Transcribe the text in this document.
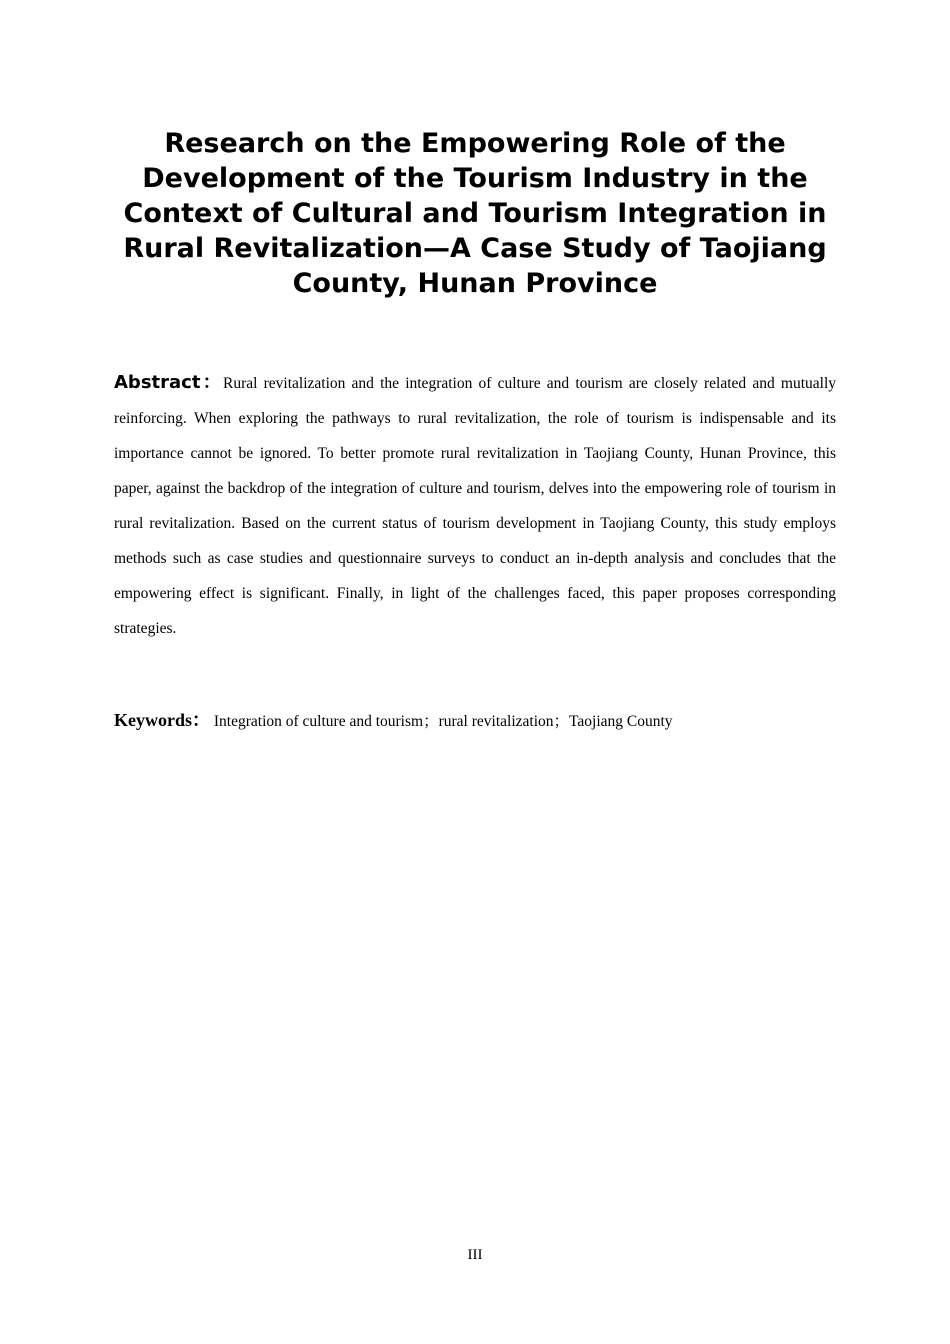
Research on the Empowering Role of the Development of the Tourism Industry in the Context of Cultural and Tourism Integration in Rural Revitalization—A Case Study of Taojiang County, Hunan Province

Abstract：Rural revitalization and the integration of culture and tourism are closely related and mutually reinforcing. When exploring the pathways to rural revitalization, the role of tourism is indispensable and its importance cannot be ignored. To better promote rural revitalization in Taojiang County, Hunan Province, this paper, against the backdrop of the integration of culture and tourism, delves into the empowering role of tourism in rural revitalization. Based on the current status of tourism development in Taojiang County, this study employs methods such as case studies and questionnaire surveys to conduct an in-depth analysis and concludes that the empowering effect is significant. Finally, in light of the challenges faced, this paper proposes corresponding strategies.

Keywords： Integration of culture and tourism；rural revitalization；Taojiang County

III
